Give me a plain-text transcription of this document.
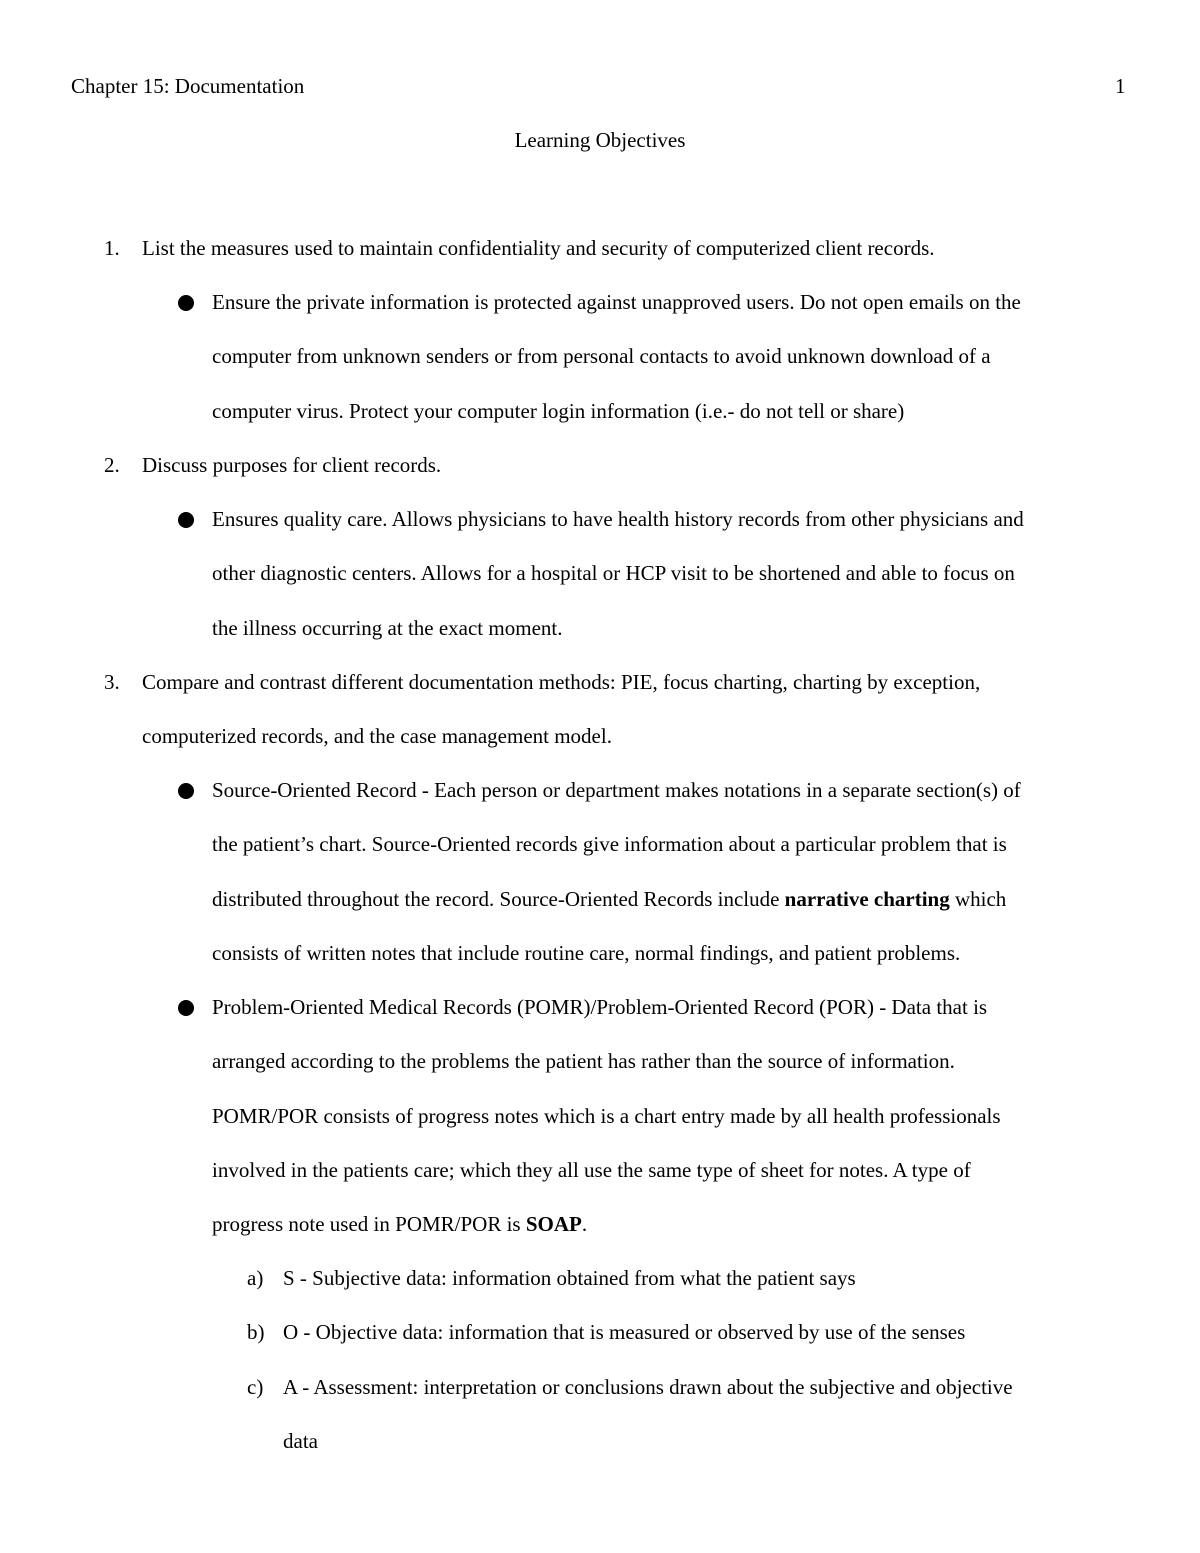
Chapter 15: Documentation	1
Learning Objectives
1.	List the measures used to maintain confidentiality and security of computerized client records.
Ensure the private information is protected against unapproved users. Do not open emails on the
computer from unknown senders or from personal contacts to avoid unknown download of a
computer virus. Protect your computer login information (i.e.- do not tell or share)
2.	Discuss purposes for client records.
Ensures quality care. Allows physicians to have health history records from other physicians and
other diagnostic centers. Allows for a hospital or HCP visit to be shortened and able to focus on
the illness occurring at the exact moment.
3.	Compare and contrast different documentation methods: PIE, focus charting, charting by exception,
computerized records, and the case management model.
Source-Oriented Record - Each person or department makes notations in a separate section(s) of
the patient’s chart. Source-Oriented records give information about a particular problem that is
distributed throughout the record. Source-Oriented Records include narrative charting which
consists of written notes that include routine care, normal findings, and patient problems.
Problem-Oriented Medical Records (POMR)/Problem-Oriented Record (POR) - Data that is
arranged according to the problems the patient has rather than the source of information.
POMR/POR consists of progress notes which is a chart entry made by all health professionals
involved in the patients care; which they all use the same type of sheet for notes. A type of
progress note used in POMR/POR is SOAP.
a) S - Subjective data: information obtained from what the patient says
b) O - Objective data: information that is measured or observed by use of the senses
c) A - Assessment: interpretation or conclusions drawn about the subjective and objective
data
